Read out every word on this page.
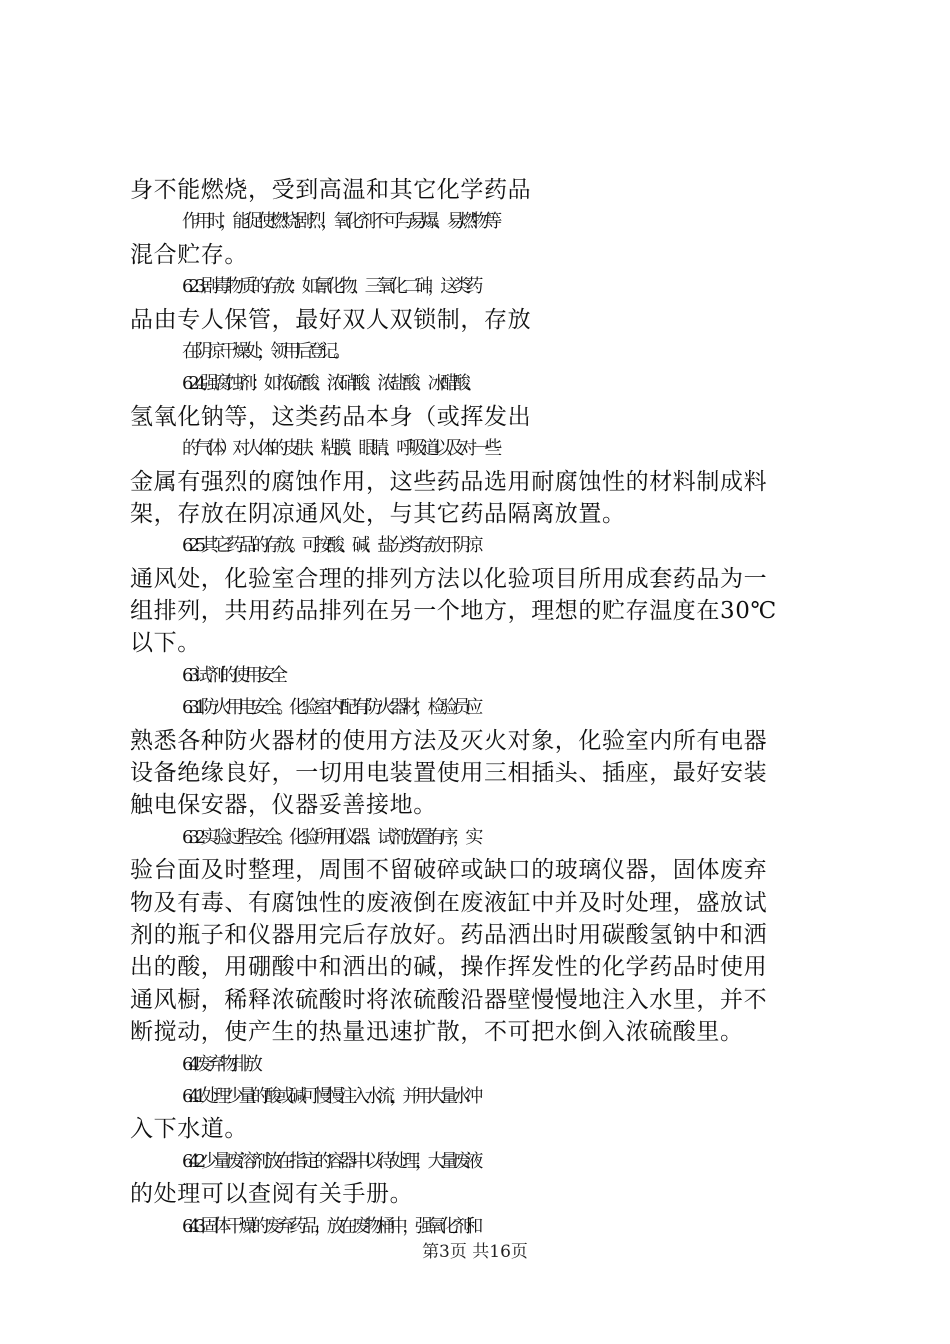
身不能燃烧，受到高温和其它化学药品
作用时，能促使燃烧剧烈，氧化剂不可与易爆、易燃物等
混合贮存。
6.2.3剧毒物质的存放：如氰化物、三氧化二砷，这类药
品由专人保管，最好双人双锁制，存放
在阴凉干燥处，领用后登记。
6.2.4强腐蚀剂：如浓硫酸、浓硝酸、浓盐酸、冰醋酸、
氢氧化钠等，这类药品本身（或挥发出
的气体）对人体的皮肤、粘膜、眼睛、呼吸道以及对一些
金属有强烈的腐蚀作用，这些药品选用耐腐蚀性的材料制成料
架，存放在阴凉通风处，与其它药品隔离放置。
6.2.5其它药品的存放。可按酸、碱、盐分类存放于阴凉
通风处，化验室合理的排列方法以化验项目所用成套药品为一
组排列，共用药品排列在另一个地方，理想的贮存温度在30℃
以下。
6.3试剂的使用安全
6.3.1防火用电安全。化验室内配有防火器材，检验员应
熟悉各种防火器材的使用方法及灭火对象，化验室内所有电器
设备绝缘良好，一切用电装置使用三相插头、插座，最好安装
触电保安器，仪器妥善接地。
6.3.2实验过程安全。化验所用仪器、试剂放置有序，实
验台面及时整理，周围不留破碎或缺口的玻璃仪器，固体废弃
物及有毒、有腐蚀性的废液倒在废液缸中并及时处理，盛放试
剂的瓶子和仪器用完后存放好。药品洒出时用碳酸氢钠中和洒
出的酸，用硼酸中和洒出的碱，操作挥发性的化学药品时使用
通风橱，稀释浓硫酸时将浓硫酸沿器壁慢慢地注入水里，并不
断搅动，使产生的热量迅速扩散，不可把水倒入浓硫酸里。
6.4废弃物排放
6.4.1处理少量的酸或碱可慢慢注入水流，并用大量水冲
入下水道。
6.4.2少量废溶剂放在指定的容器中以待处理，大量废液
的处理可以查阅有关手册。
6.4.3固体干燥的废弃药品，放在废物桶中，强氧化剂和
第3页 共16页
